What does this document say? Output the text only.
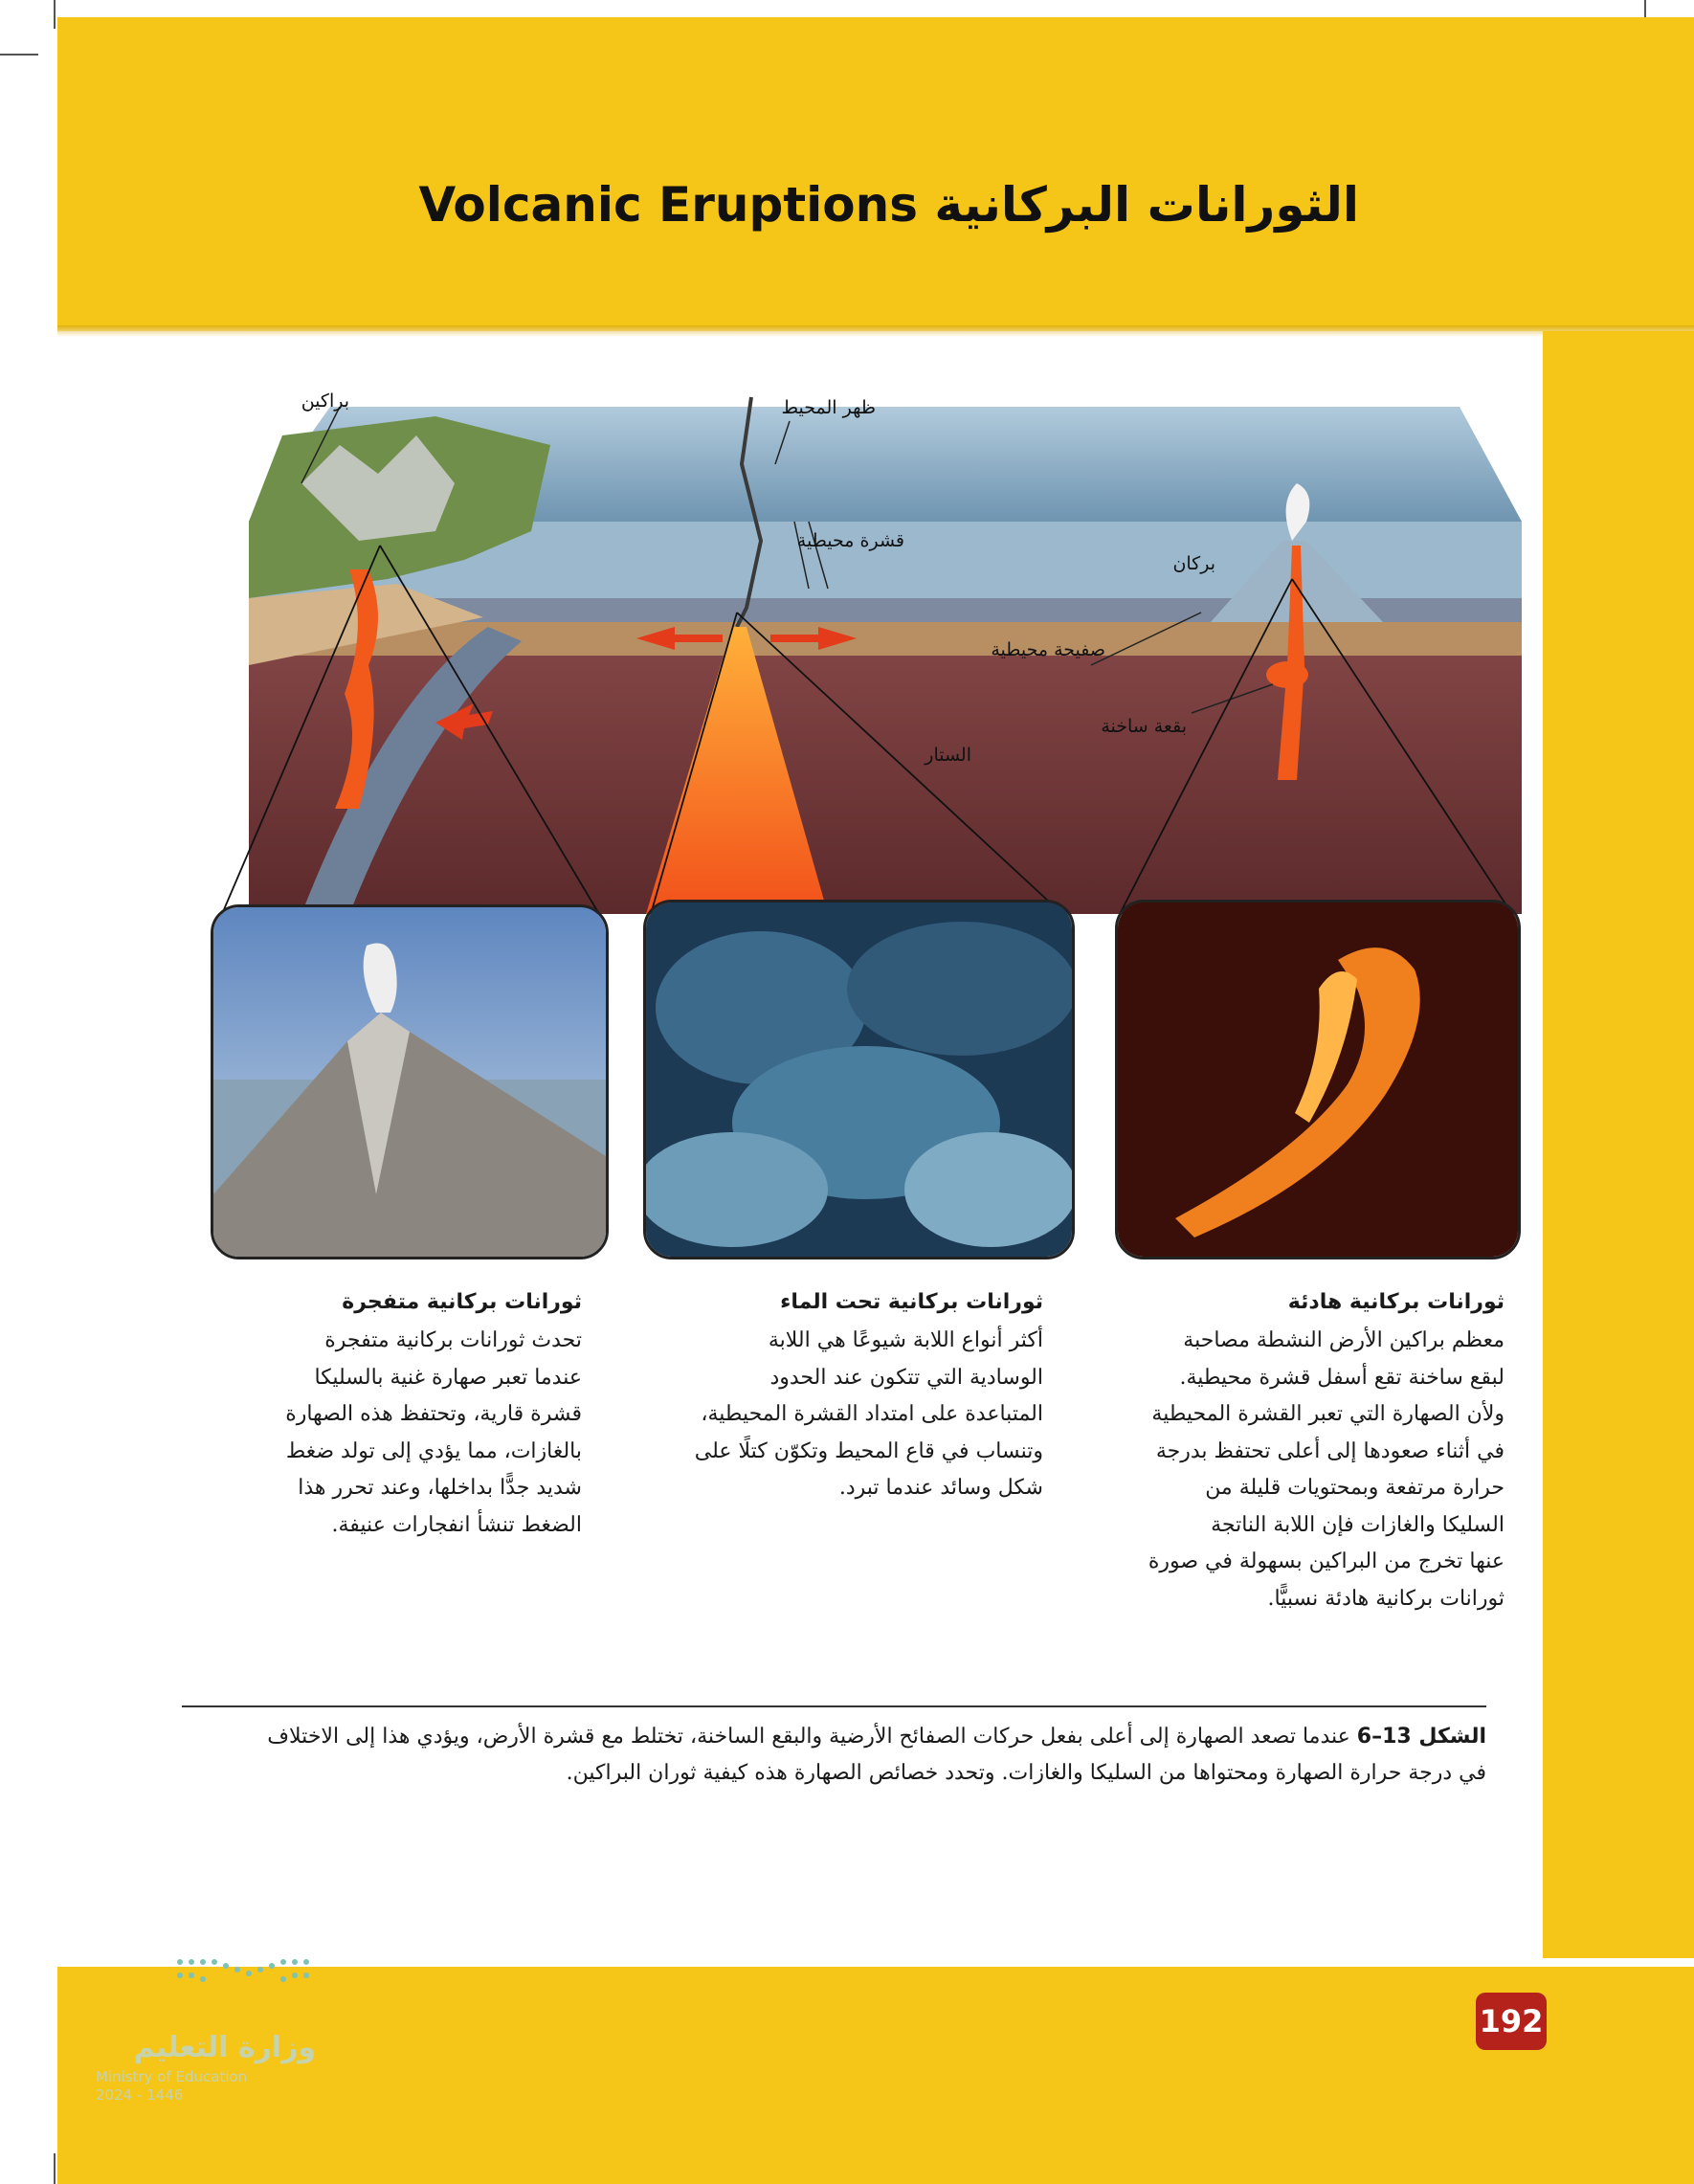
الثورانات البركانية Volcanic Eruptions
براكين	ظهر المحيط
قشرة محيطية
بركان
صفيحة محيطية
بقعة ساخنة
الستار
ثورانات بركانية هادئة
معظم براكين الأرض النشطة مصاحبة
لبقع ساخنة تقع أسفل قشرة محيطية.
ولأن الصهارة التي تعبر القشرة المحيطية
في أثناء صعودها إلى أعلى تحتفظ بدرجة
حرارة مرتفعة وبمحتويات قليلة من
السليكا والغازات فإن اللابة الناتجة
عنها تخرج من البراكين بسهولة في صورة
ثورانات بركانية هادئة نسبيًّا.
ثورانات بركانية تحت الماء
أكثر أنواع اللابة شيوعًا هي اللابة
الوسادية التي تتكون عند الحدود
المتباعدة على امتداد القشرة المحيطية،
وتنساب في قاع المحيط وتكوّن كتلًا على
شكل وسائد عندما تبرد.
ثورانات بركانية متفجرة
تحدث ثورانات بركانية متفجرة
عندما تعبر صهارة غنية بالسليكا
قشرة قارية، وتحتفظ هذه الصهارة
بالغازات، مما يؤدي إلى تولد ضغط
شديد جدًّا بداخلها، وعند تحرر هذا
الضغط تنشأ انفجارات عنيفة.
الشكل 13–6 عندما تصعد الصهارة إلى أعلى بفعل حركات الصفائح الأرضية والبقع الساخنة، تختلط مع قشرة الأرض، ويؤدي هذا إلى الاختلاف
في درجة حرارة الصهارة ومحتواها من السليكا والغازات. وتحدد خصائص الصهارة هذه كيفية ثوران البراكين.
192
وزارة التعليم
Ministry of Education
2024 - 1446
